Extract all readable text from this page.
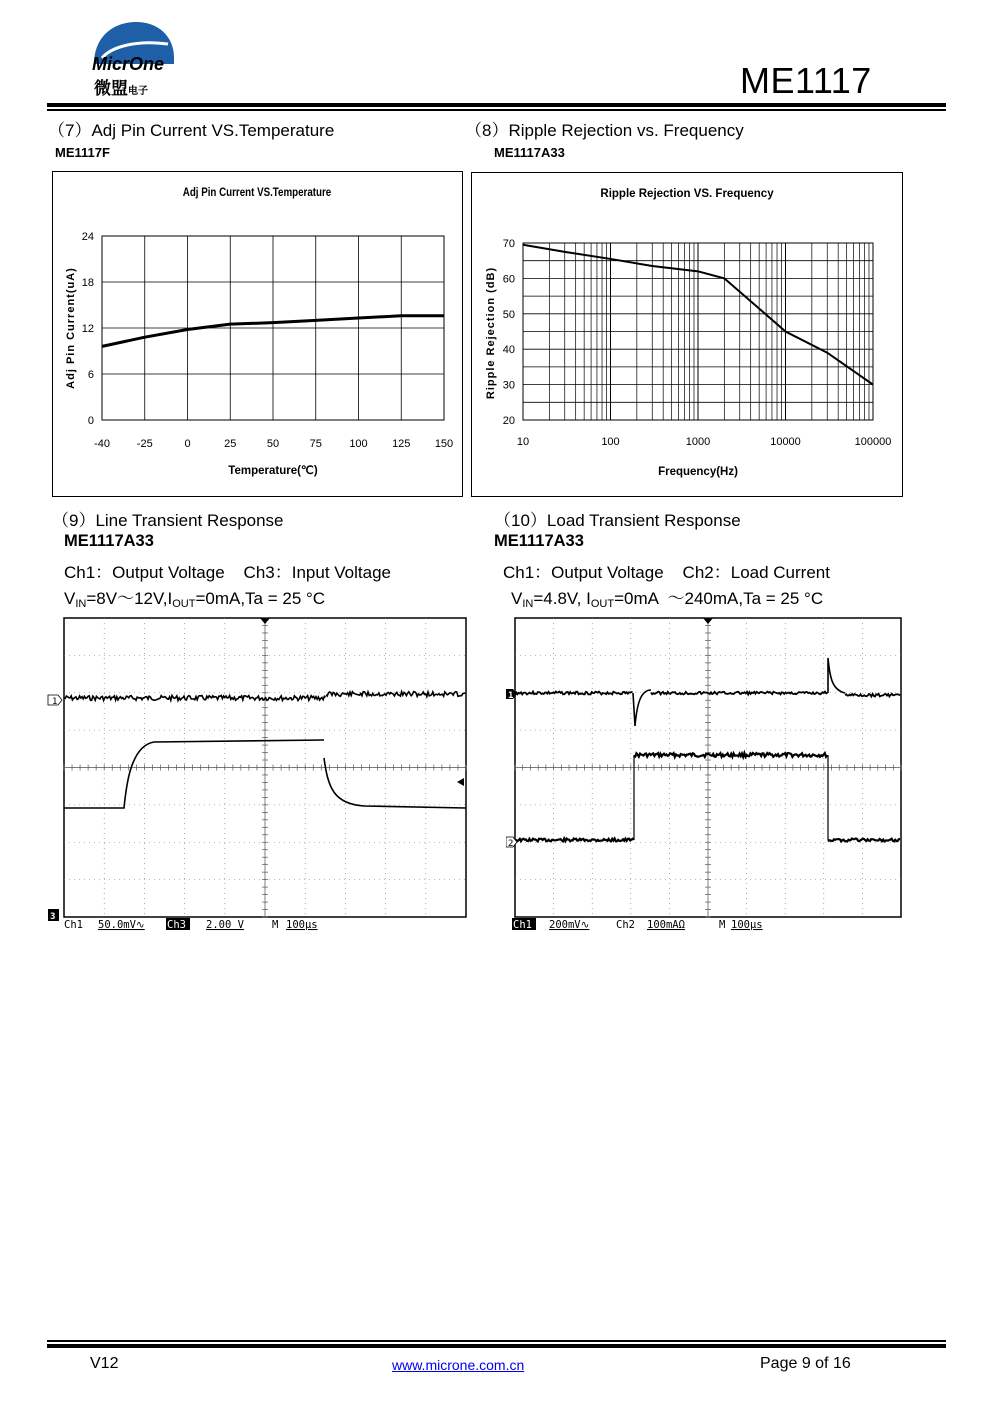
MicrOne
微盟电子	ME1117
（7）Adj Pin Current VS.Temperature
ME1117F
（8）Ripple Rejection vs. Frequency
ME1117A33
Adj Pin Current VS.Temperature
-40 -25	0	25	50	75 100 125 150
0
6
12
18
24
Temperature(℃)
Adj Pin Current(uA)
Ripple Rejection VS. Frequency
10	100	1000	10000	100000
20
30
40
50
60
70
Frequency(Hz)
Ripple Rejection (dB)
（9）Line Transient Response
ME1117A33
Ch1：Output Voltage    Ch3：Input Voltage
$V_{IN}=8V\sim 12V,I_{OUT}=0mA,Ta = 25$ °C
（10）Load Transient Response
ME1117A33
Ch1：Output Voltage    Ch2：Load Current
$V_{IN}=4.8V$, $I_{OUT}=0mA$  ～240mA,Ta = 25 °C
1
3
Ch1 50.0mV∿ Ch3 2.00 V	M 100μs
1
2
Ch1 200mV∿	Ch2 100mAΩ	M 100μs
V12	www.microne.com.cn	Page 9 of 16
